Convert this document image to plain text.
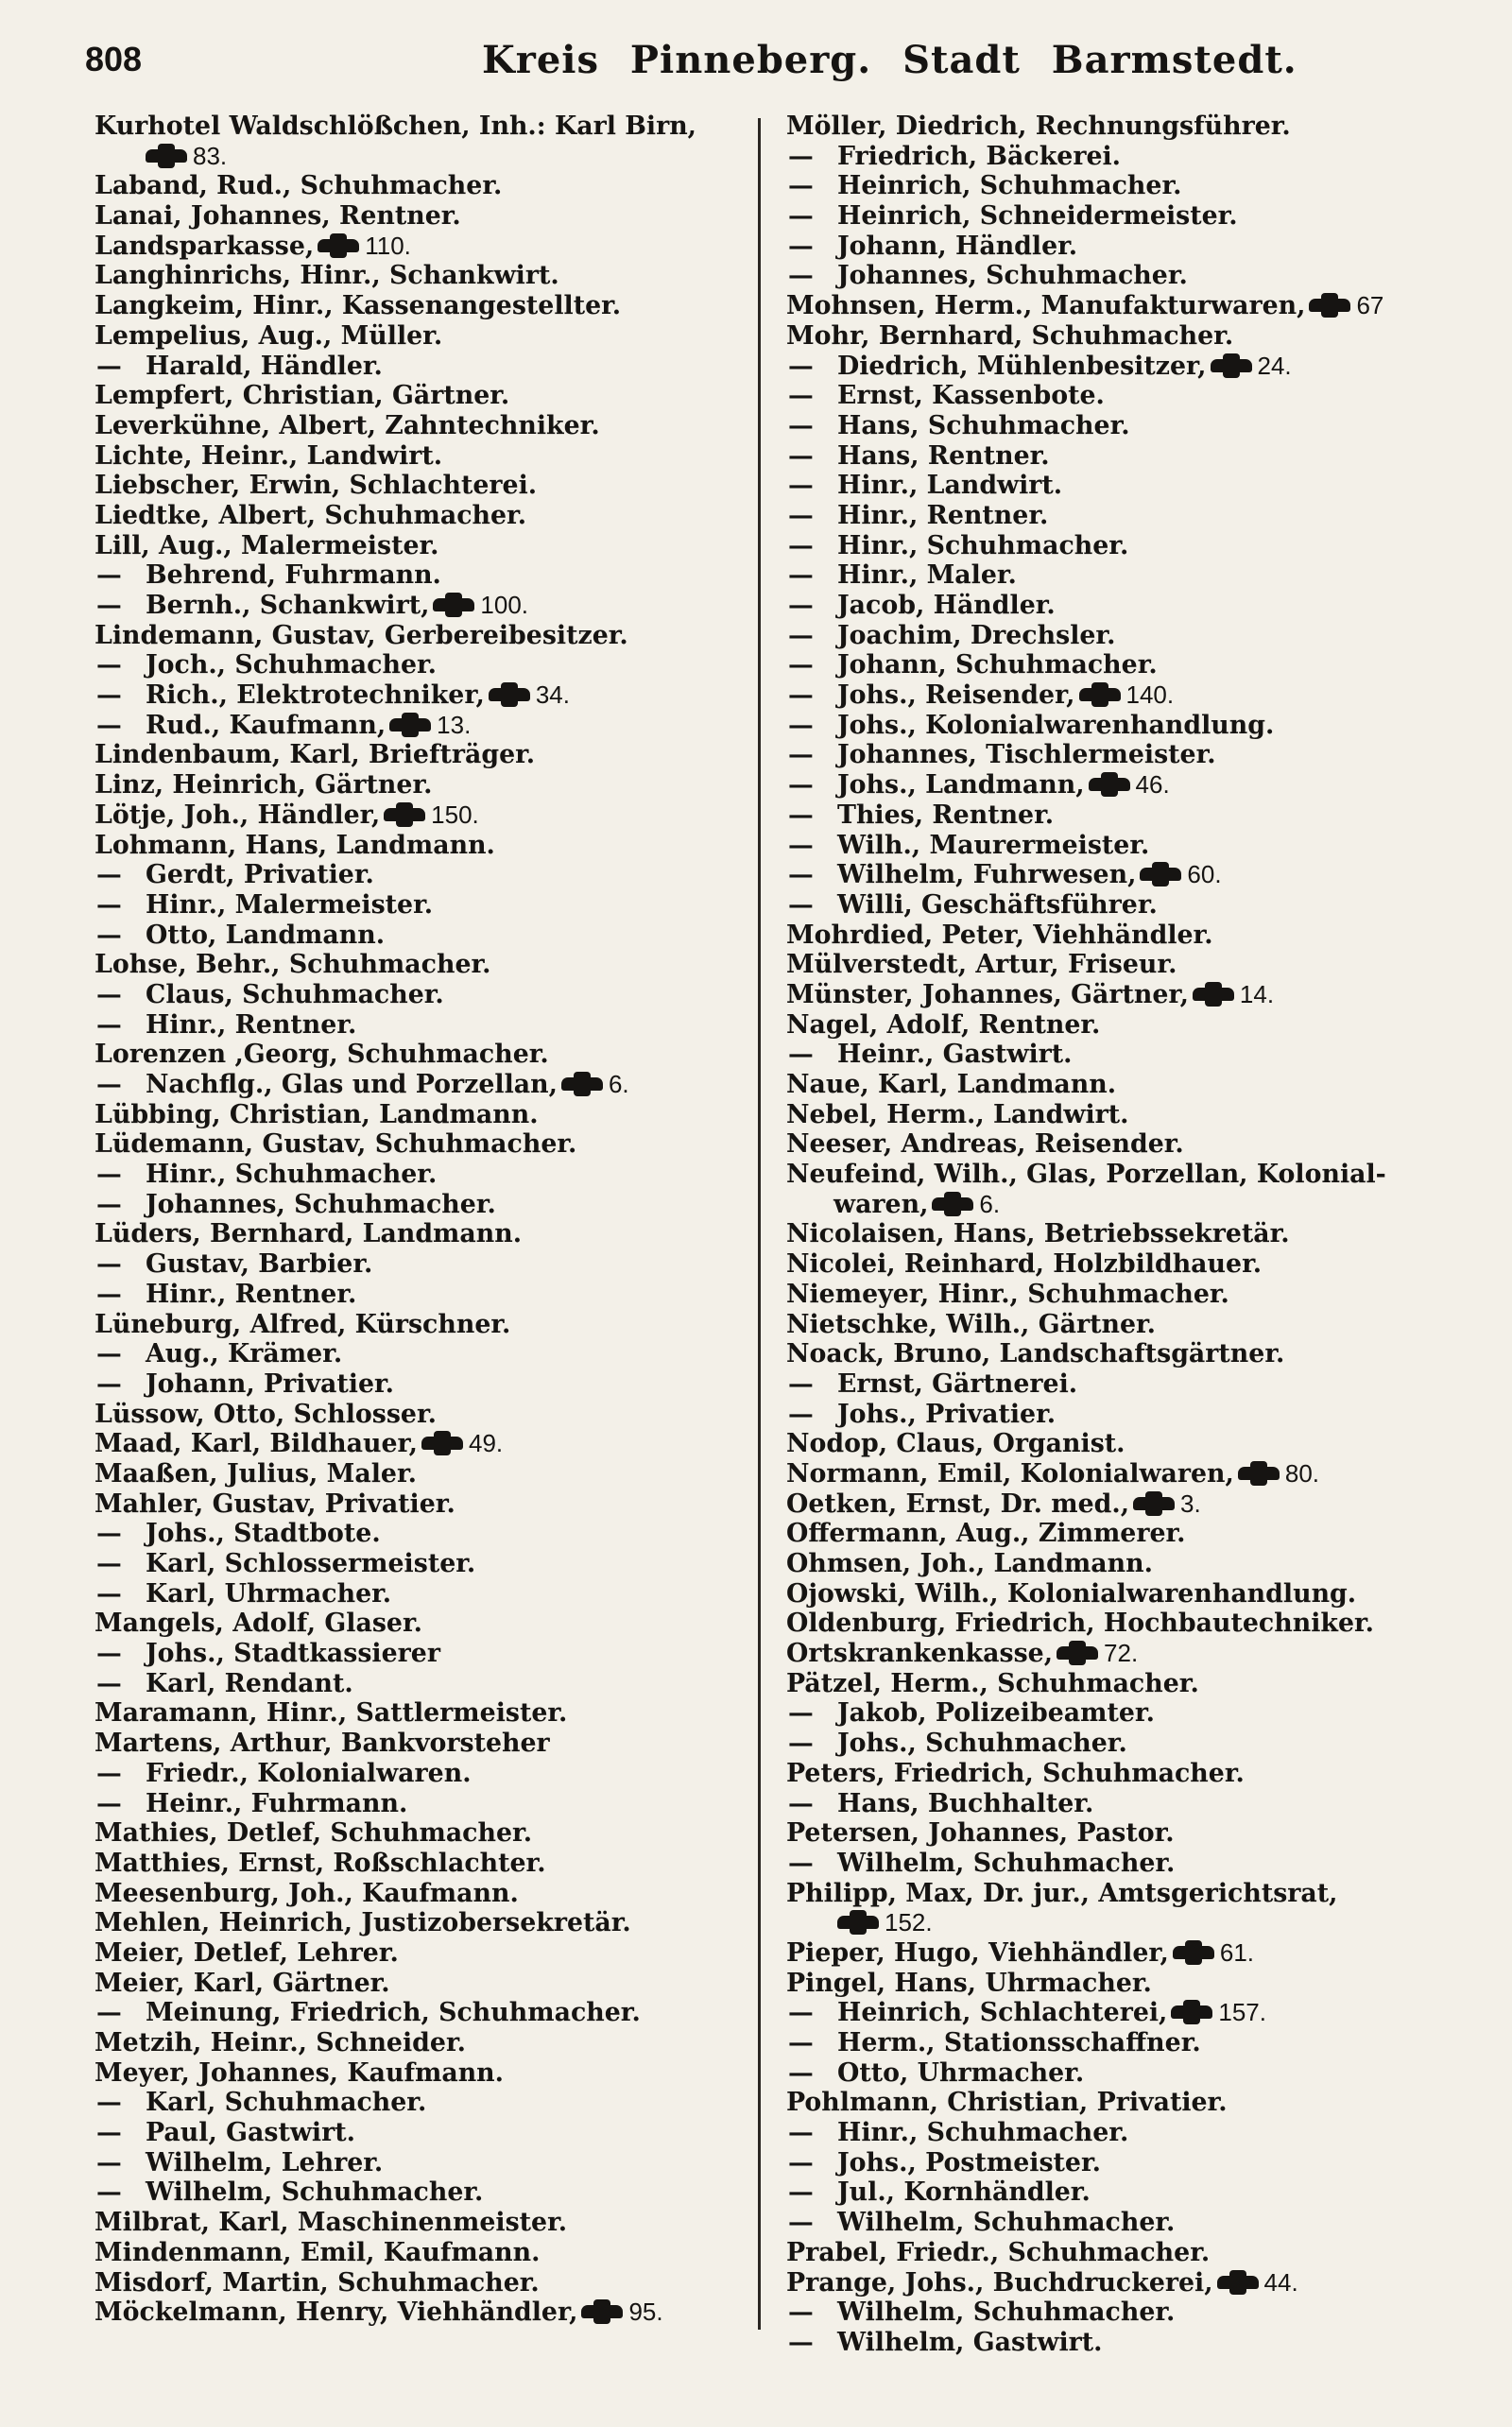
808	Kreis Pinneberg. Stadt Barmstedt.
Kurhotel Waldschlößchen, Inh.: Karl Birn,
83.
Laband, Rud., Schuhmacher.
Lanai, Johannes, Rentner.
Landsparkasse, 110.
Langhinrichs, Hinr., Schankwirt.
Langkeim, Hinr., Kassenangestellter.
Lempelius, Aug., Müller.
— Harald, Händler.
Lempfert, Christian, Gärtner.
Leverkühne, Albert, Zahntechniker.
Lichte, Heinr., Landwirt.
Liebscher, Erwin, Schlachterei.
Liedtke, Albert, Schuhmacher.
Lill, Aug., Malermeister.
— Behrend, Fuhrmann.
— Bernh., Schankwirt, 100.
Lindemann, Gustav, Gerbereibesitzer.
— Joch., Schuhmacher.
— Rich., Elektrotechniker, 34.
— Rud., Kaufmann, 13.
Lindenbaum, Karl, Briefträger.
Linz, Heinrich, Gärtner.
Lötje, Joh., Händler, 150.
Lohmann, Hans, Landmann.
— Gerdt, Privatier.
— Hinr., Malermeister.
— Otto, Landmann.
Lohse, Behr., Schuhmacher.
— Claus, Schuhmacher.
— Hinr., Rentner.
Lorenzen ,Georg, Schuhmacher.
— Nachflg., Glas und Porzellan, 6.
Lübbing, Christian, Landmann.
Lüdemann, Gustav, Schuhmacher.
— Hinr., Schuhmacher.
— Johannes, Schuhmacher.
Lüders, Bernhard, Landmann.
— Gustav, Barbier.
— Hinr., Rentner.
Lüneburg, Alfred, Kürschner.
— Aug., Krämer.
— Johann, Privatier.
Lüssow, Otto, Schlosser.
Maad, Karl, Bildhauer, 49.
Maaßen, Julius, Maler.
Mahler, Gustav, Privatier.
— Johs., Stadtbote.
— Karl, Schlossermeister.
— Karl, Uhrmacher.
Mangels, Adolf, Glaser.
— Johs., Stadtkassierer
— Karl, Rendant.
Maramann, Hinr., Sattlermeister.
Martens, Arthur, Bankvorsteher
— Friedr., Kolonialwaren.
— Heinr., Fuhrmann.
Mathies, Detlef, Schuhmacher.
Matthies, Ernst, Roßschlachter.
Meesenburg, Joh., Kaufmann.
Mehlen, Heinrich, Justizobersekretär.
Meier, Detlef, Lehrer.
Meier, Karl, Gärtner.
— Meinung, Friedrich, Schuhmacher.
Metzih, Heinr., Schneider.
Meyer, Johannes, Kaufmann.
— Karl, Schuhmacher.
— Paul, Gastwirt.
— Wilhelm, Lehrer.
— Wilhelm, Schuhmacher.
Milbrat, Karl, Maschinenmeister.
Mindenmann, Emil, Kaufmann.
Misdorf, Martin, Schuhmacher.
Möckelmann, Henry, Viehhändler, 95.
Möller, Diedrich, Rechnungsführer.
— Friedrich, Bäckerei.
— Heinrich, Schuhmacher.
— Heinrich, Schneidermeister.
— Johann, Händler.
— Johannes, Schuhmacher.
Mohnsen, Herm., Manufakturwaren, 67
Mohr, Bernhard, Schuhmacher.
— Diedrich, Mühlenbesitzer, 24.
— Ernst, Kassenbote.
— Hans, Schuhmacher.
— Hans, Rentner.
— Hinr., Landwirt.
— Hinr., Rentner.
— Hinr., Schuhmacher.
— Hinr., Maler.
— Jacob, Händler.
— Joachim, Drechsler.
— Johann, Schuhmacher.
— Johs., Reisender, 140.
— Johs., Kolonialwarenhandlung.
— Johannes, Tischlermeister.
— Johs., Landmann, 46.
— Thies, Rentner.
— Wilh., Maurermeister.
— Wilhelm, Fuhrwesen, 60.
— Willi, Geschäftsführer.
Mohrdied, Peter, Viehhändler.
Mülverstedt, Artur, Friseur.
Münster, Johannes, Gärtner, 14.
Nagel, Adolf, Rentner.
— Heinr., Gastwirt.
Naue, Karl, Landmann.
Nebel, Herm., Landwirt.
Neeser, Andreas, Reisender.
Neufeind, Wilh., Glas, Porzellan, Kolonial-
waren, 6.
Nicolaisen, Hans, Betriebssekretär.
Nicolei, Reinhard, Holzbildhauer.
Niemeyer, Hinr., Schuhmacher.
Nietschke, Wilh., Gärtner.
Noack, Bruno, Landschaftsgärtner.
— Ernst, Gärtnerei.
— Johs., Privatier.
Nodop, Claus, Organist.
Normann, Emil, Kolonialwaren, 80.
Oetken, Ernst, Dr. med., 3.
Offermann, Aug., Zimmerer.
Ohmsen, Joh., Landmann.
Ojowski, Wilh., Kolonialwarenhandlung.
Oldenburg, Friedrich, Hochbautechniker.
Ortskrankenkasse, 72.
Pätzel, Herm., Schuhmacher.
— Jakob, Polizeibeamter.
— Johs., Schuhmacher.
Peters, Friedrich, Schuhmacher.
— Hans, Buchhalter.
Petersen, Johannes, Pastor.
— Wilhelm, Schuhmacher.
Philipp, Max, Dr. jur., Amtsgerichtsrat,
152.
Pieper, Hugo, Viehhändler, 61.
Pingel, Hans, Uhrmacher.
— Heinrich, Schlachterei, 157.
— Herm., Stationsschaffner.
— Otto, Uhrmacher.
Pohlmann, Christian, Privatier.
— Hinr., Schuhmacher.
— Johs., Postmeister.
— Jul., Kornhändler.
— Wilhelm, Schuhmacher.
Prabel, Friedr., Schuhmacher.
Prange, Johs., Buchdruckerei, 44.
— Wilhelm, Schuhmacher.
— Wilhelm, Gastwirt.
